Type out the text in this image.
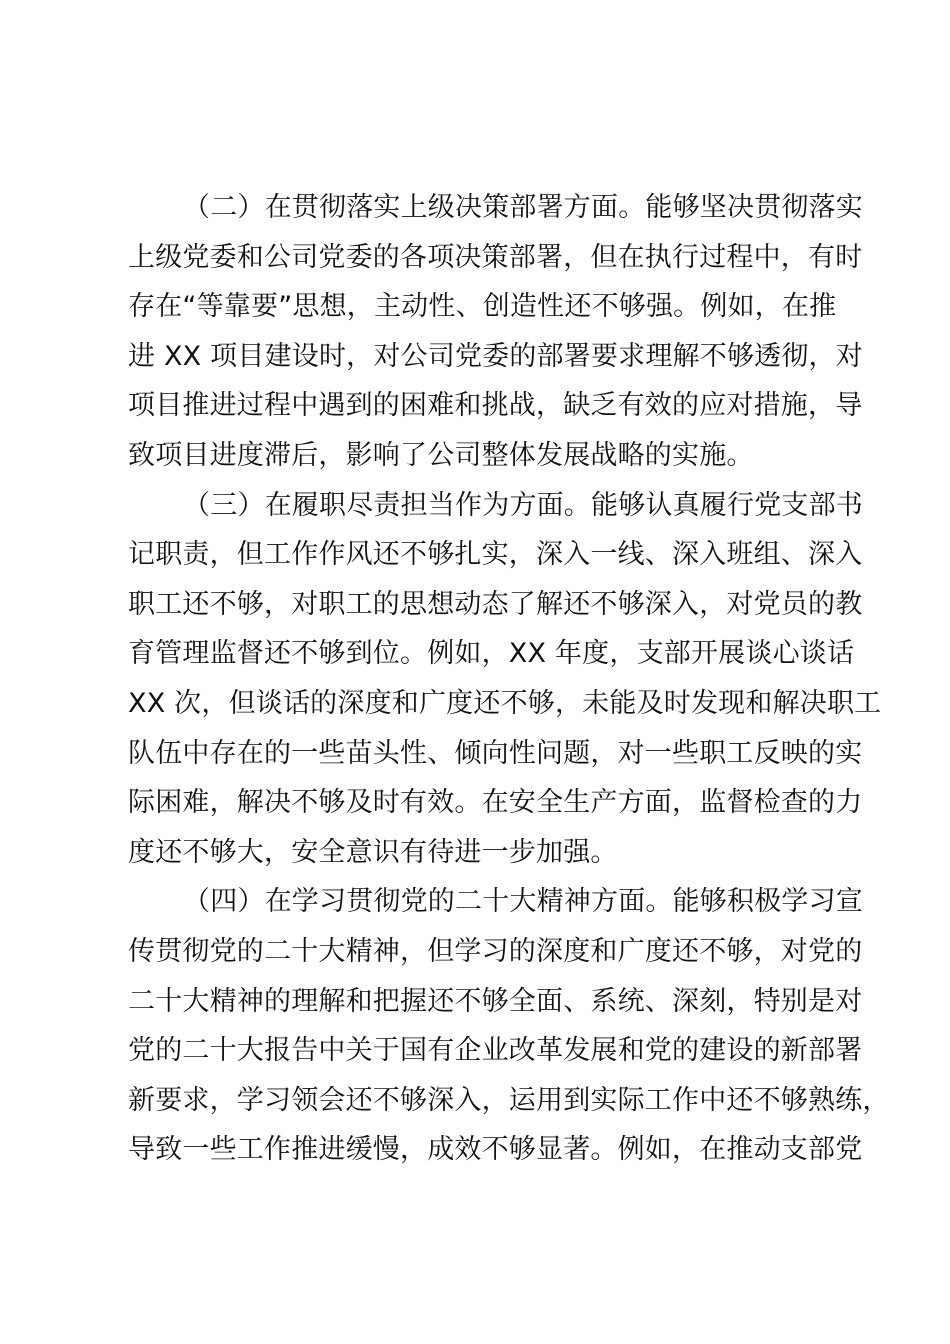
（二）在贯彻落实上级决策部署方面。能够坚决贯彻落实
上级党委和公司党委的各项决策部署，但在执行过程中，有时
存在“等靠要”思想，主动性、创造性还不够强。例如，在推
进 XX 项目建设时，对公司党委的部署要求理解不够透彻，对
项目推进过程中遇到的困难和挑战，缺乏有效的应对措施，导
致项目进度滞后，影响了公司整体发展战略的实施。
（三）在履职尽责担当作为方面。能够认真履行党支部书
记职责，但工作作风还不够扎实，深入一线、深入班组、深入
职工还不够，对职工的思想动态了解还不够深入，对党员的教
育管理监督还不够到位。例如，XX 年度，支部开展谈心谈话
XX 次，但谈话的深度和广度还不够，未能及时发现和解决职工
队伍中存在的一些苗头性、倾向性问题，对一些职工反映的实
际困难，解决不够及时有效。在安全生产方面，监督检查的力
度还不够大，安全意识有待进一步加强。
（四）在学习贯彻党的二十大精神方面。能够积极学习宣
传贯彻党的二十大精神，但学习的深度和广度还不够，对党的
二十大精神的理解和把握还不够全面、系统、深刻，特别是对
党的二十大报告中关于国有企业改革发展和党的建设的新部署
新要求，学习领会还不够深入，运用到实际工作中还不够熟练，
导致一些工作推进缓慢，成效不够显著。例如，在推动支部党
